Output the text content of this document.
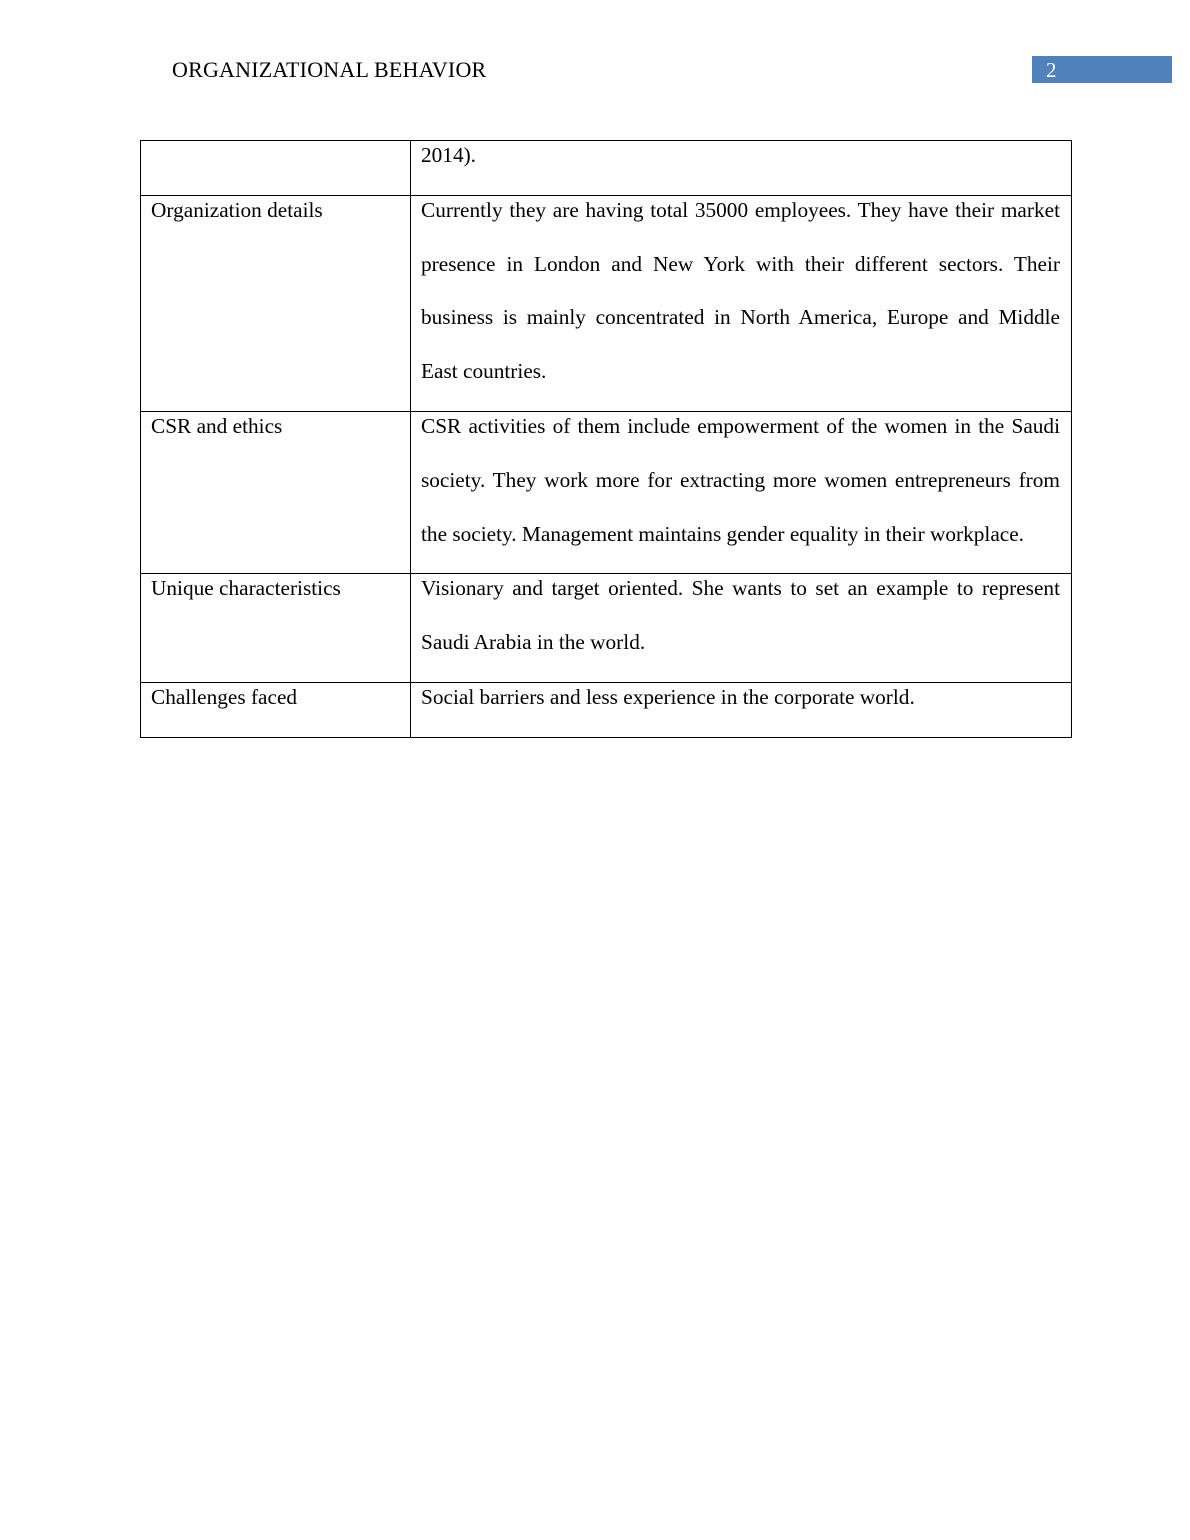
ORGANIZATIONAL BEHAVIOR	2

	2014).

Organization details	Currently they are having total 35000 employees. They have their market presence in London and New York with their different sectors. Their business is mainly concentrated in North America, Europe and Middle East countries.

CSR and ethics	CSR activities of them include empowerment of the women in the Saudi society. They work more for extracting more women entrepreneurs from the society. Management maintains gender equality in their workplace.

Unique characteristics	Visionary and target oriented. She wants to set an example to represent Saudi Arabia in the world.

Challenges faced	Social barriers and less experience in the corporate world.
